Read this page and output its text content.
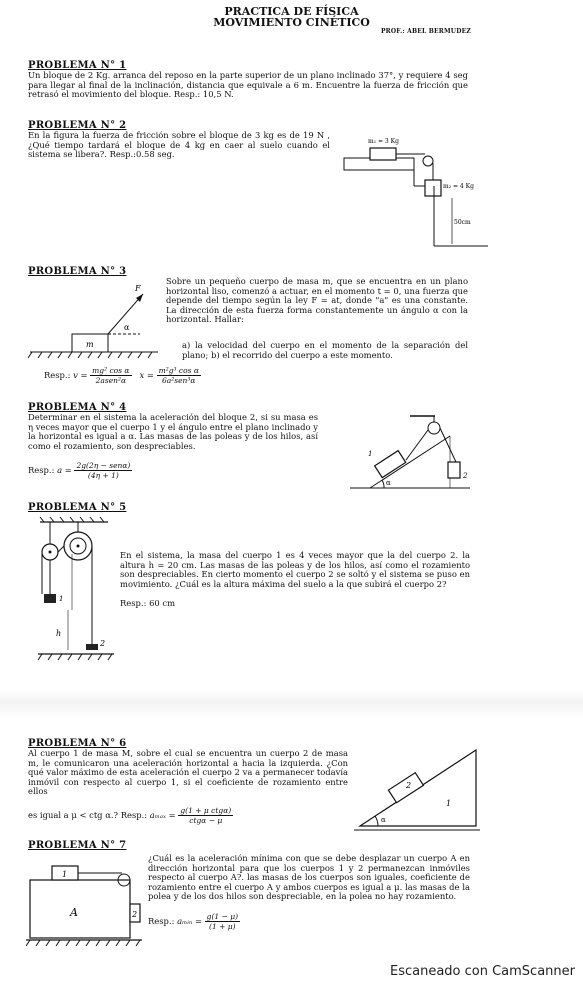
PRACTICA DE FÍSICA
MOVIMIENTO CINÉTICO
PROF.: ABEL BERMUDEZ
PROBLEMA N° 1
Un bloque de 2 Kg. arranca del reposo en la parte superior de un plano inclinado 37°, y requiere 4 seg para llegar al final de la inclinación, distancia que equivale a 6 m. Encuentre la fuerza de fricción que retrasó el movimiento del bloque. Resp.: 10,5 N.
PROBLEMA N° 2
En la figura la fuerza de fricción sobre el bloque de 3 kg es de 19 N , ¿Qué tiempo tardará el bloque de 4 kg en caer al suelo cuando el sistema se libera?. Resp.:0.58 seg.
m₁ = 3 Kg
m₂ = 4 Kg
50cm
PROBLEMA N° 3
Sobre un pequeño cuerpo de masa m, que se encuentra en un plano horizontal liso, comenzó a actuar, en el momento t = 0, una fuerza que depende del tiempo según la ley F = at, donde "a" es una constante. La dirección de esta fuerza forma constantemente un ángulo α con la horizontal. Hallar:
a) la velocidad del cuerpo en el momento de la separación del plano; b) el recorrido del cuerpo a este momento.
m
F
α
Resp.: $v = \frac{\text{mg² cos α}}{\text{2asen²α}}$ $x = \frac{\text{m²g³ cos α}}{\text{6a²sen³α}}$
PROBLEMA N° 4
Determinar en el sistema la aceleración del bloque 2, si su masa es η veces mayor que el cuerpo 1 y el ángulo entre el plano inclinado y la horizontal es igual a α. Las masas de las poleas y de los hilos, así como el rozamiento, son despreciables.
Resp.: $a = \frac{\text{2g(2η − senα)}}{(4\eta + 1)}$
α
1
2
PROBLEMA N° 5
En el sistema, la masa del cuerpo 1 es 4 veces mayor que la del cuerpo 2. la altura h = 20 cm. Las masas de las poleas y de los hilos, así como el rozamiento son despreciables. En cierto momento el cuerpo 2 se soltó y el sistema se puso en movimiento. ¿Cuál es la altura máxima del suelo a la que subirá el cuerpo 2?
Resp.: 60 cm
1
h
2
PROBLEMA N° 6
Al cuerpo 1 de masa M, sobre el cual se encuentra un cuerpo 2 de masa m, le comunicaron una aceleración horizontal a hacia la izquierda. ¿Con qué valor máximo de esta aceleración el cuerpo 2 va a permanecer todavía inmóvil con respecto al cuerpo 1, si el coeficiente de rozamiento entre ellos
es igual a μ < ctg α.? Resp.: $a_{max} = \frac{\text{g(1 + μ ctgα)}}{\text{ctgα − μ}}$	α
2
1
PROBLEMA N° 7
¿Cuál es la aceleración mínima con que se debe desplazar un cuerpo A en dirección horizontal para que los cuerpos 1 y 2 permanezcan inmóviles respecto al cuerpo A?. las masas de los cuerpos son iguales, coeficiente de rozamiento entre el cuerpo A y ambos cuerpos es igual a μ. las masas de la polea y de los dos hilos son despreciable, en la polea no hay rozamiento.
Resp.: aₘᵢₙ = $\frac{g(1 - \mu)}{(1 + \mu)}$
1
2
A
Escaneado con CamScanner
